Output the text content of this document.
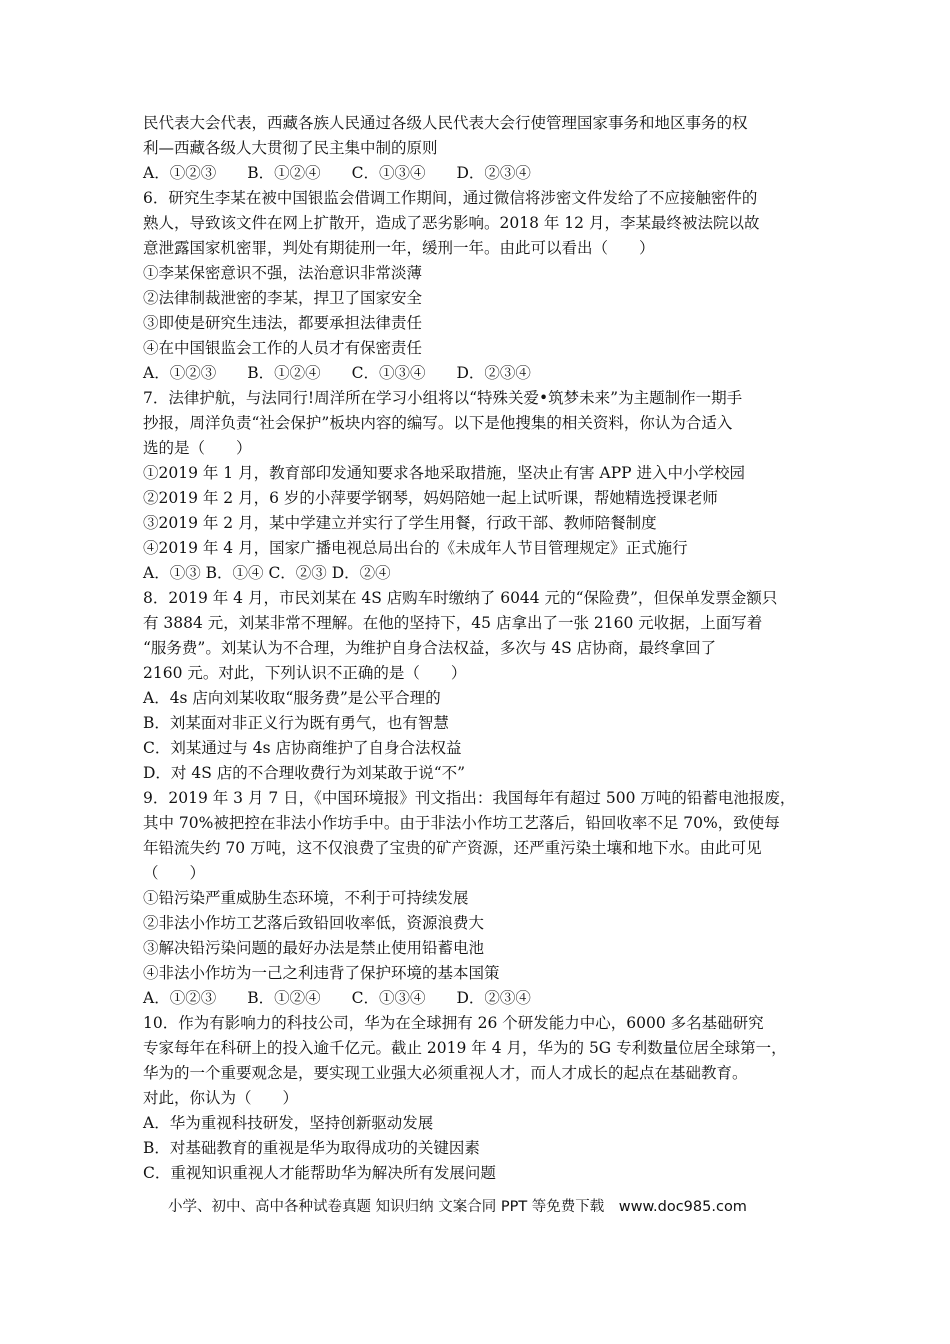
民代表大会代表，西藏各族人民通过各级人民代表大会行使管理国家事务和地区事务的权
利—西藏各级人大贯彻了民主集中制的原则
A．①②③　　B．①②④　　C．①③④　　D．②③④
6．研究生李某在被中国银监会借调工作期间，通过微信将涉密文件发给了不应接触密件的
熟人，导致该文件在网上扩散开，造成了恶劣影响。2018 年 12 月，李某最终被法院以故
意泄露国家机密罪，判处有期徒刑一年，缓刑一年。由此可以看出（　　）
①李某保密意识不强，法治意识非常淡薄
②法律制裁泄密的李某，捍卫了国家安全
③即使是研究生违法，都要承担法律责任
④在中国银监会工作的人员才有保密责任
A．①②③　　B．①②④　　C．①③④　　D．②③④
7．法律护航，与法同行!周洋所在学习小组将以“特殊关爱•筑梦未来”为主题制作一期手
抄报，周洋负责“社会保护”板块内容的编写。以下是他搜集的相关资料，你认为合适入
选的是（　　）
①2019 年 1 月，教育部印发通知要求各地采取措施，坚决止有害 APP 进入中小学校园
②2019 年 2 月，6 岁的小萍要学钢琴，妈妈陪她一起上试听课，帮她精选授课老师
③2019 年 2 月，某中学建立并实行了学生用餐，行政干部、教师陪餐制度
④2019 年 4 月，国家广播电视总局出台的《未成年人节目管理规定》正式施行
A．①③ B．①④ C．②③ D．②④
8．2019 年 4 月，市民刘某在 4S 店购车时缴纳了 6044 元的“保险费”，但保单发票金额只
有 3884 元，刘某非常不理解。在他的坚持下，45 店拿出了一张 2160 元收据，上面写着
“服务费”。刘某认为不合理，为维护自身合法权益，多次与 4S 店协商，最终拿回了
2160 元。对此，下列认识不正确的是（　　）
A．4s 店向刘某收取“服务费”是公平合理的
B．刘某面对非正义行为既有勇气，也有智慧
C．刘某通过与 4s 店协商维护了自身合法权益
D．对 4S 店的不合理收费行为刘某敢于说“不”
9．2019 年 3 月 7 日，《中国环境报》刊文指出：我国每年有超过 500 万吨的铅蓄电池报废，
其中 70%被把控在非法小作坊手中。由于非法小作坊工艺落后，铅回收率不足 70%，致使每
年铅流失约 70 万吨，这不仅浪费了宝贵的矿产资源，还严重污染土壤和地下水。由此可见
（　　）
①铅污染严重威胁生态环境，不利于可持续发展
②非法小作坊工艺落后致铅回收率低，资源浪费大
③解决铅污染问题的最好办法是禁止使用铅蓄电池
④非法小作坊为一己之利违背了保护环境的基本国策
A．①②③　　B．①②④　　C．①③④　　D．②③④
10．作为有影响力的科技公司，华为在全球拥有 26 个研发能力中心，6000 多名基础研究
专家每年在科研上的投入逾千亿元。截止 2019 年 4 月，华为的 5G 专利数量位居全球第一，
华为的一个重要观念是，要实现工业强大必须重视人才，而人才成长的起点在基础教育。
对此，你认为（　　）
A．华为重视科技研发，坚持创新驱动发展
B．对基础教育的重视是华为取得成功的关键因素
C．重视知识重视人才能帮助华为解决所有发展问题
小学、初中、高中各种试卷真题 知识归纳 文案合同 PPT 等免费下载　www.doc985.com
